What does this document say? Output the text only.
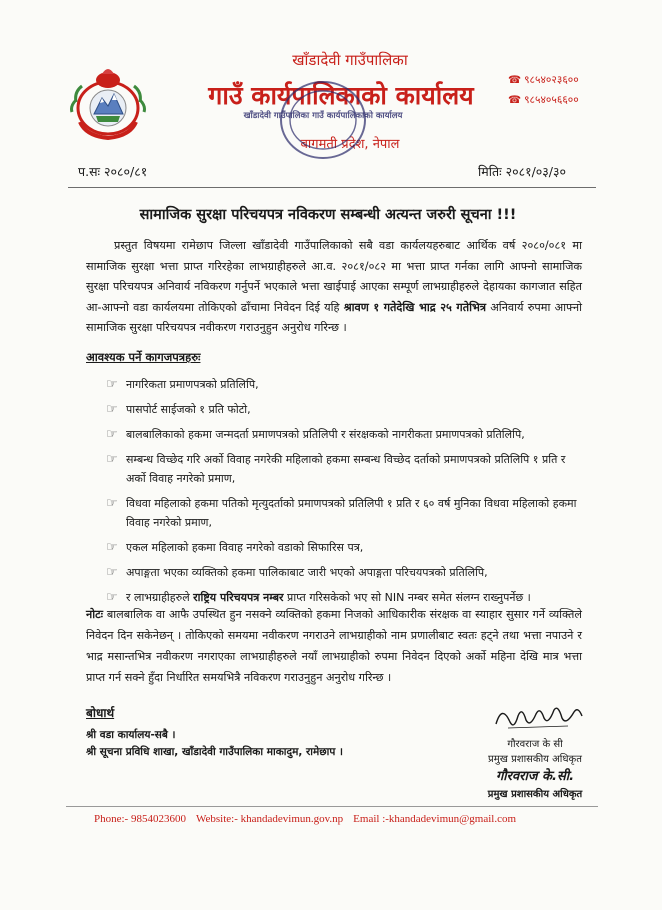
खाँडादेवी गाउँपालिका
गाउँ कार्यपालिकाको कार्यालय
बागमती प्रदेश, नेपाल
खाँडादेवी गाउँपालिका गाउँ कार्यपालिकाको कार्यालय
☎ ९८५४०२३६००
☎ ९८५४०५६६००
प.सः २०८०/८१	मितिः २०८१/०३/३०
सामाजिक सुरक्षा परिचयपत्र नविकरण सम्बन्धी अत्यन्त जरुरी सूचना !!!
प्रस्तुत विषयमा रामेछाप जिल्ला खाँडादेवी गाउँपालिकाको सबै वडा कार्यलयहरुबाट आर्थिक वर्ष २०८०/०८१ मा सामाजिक सुरक्षा भत्ता प्राप्त गरिरहेका लाभग्राहीहरुले आ.व. २०८१/०८२ मा भत्ता प्राप्त गर्नका लागि आफ्नो सामाजिक सुरक्षा परिचयपत्र अनिवार्य नविकरण गर्नुपर्ने भएकाले भत्ता खाईपाई आएका सम्पूर्ण लाभग्राहीहरुले देहायका कागजात सहित आ-आफ्नो वडा कार्यलयमा तोकिएको ढाँचामा निवेदन दिई यहि श्रावण १ गतेदेखि भाद्र २५ गतेभित्र अनिवार्य रुपमा आफ्नो सामाजिक सुरक्षा परिचयपत्र नवीकरण गराउनुहुन अनुरोध गरिन्छ ।
आवश्यक पर्ने कागजपत्रहरुः
☞ नागरिकता प्रमाणपत्रको प्रतिलिपि,
☞ पासपोर्ट साईजको १ प्रति फोटो,
☞ बालबालिकाको हकमा जन्मदर्ता प्रमाणपत्रको प्रतिलिपी र संरक्षकको नागरीकता प्रमाणपत्रको प्रतिलिपि,
☞ सम्बन्ध विच्छेद गरि अर्को विवाह नगरेकी महिलाको हकमा सम्बन्ध विच्छेद दर्ताको प्रमाणपत्रको प्रतिलिपि १ प्रति र अर्को विवाह नगरेको प्रमाण,
☞ विधवा महिलाको हकमा पतिको मृत्युदर्ताको प्रमाणपत्रको प्रतिलिपी १ प्रति र ६० वर्ष मुनिका विधवा महिलाको हकमा विवाह नगरेको प्रमाण,
☞ एकल महिलाको हकमा विवाह नगरेको वडाको सिफारिस पत्र,
☞ अपाङ्गता भएका व्यक्तिको हकमा पालिकाबाट जारी भएको अपाङ्गता परिचयपत्रको प्रतिलिपि,
☞ र लाभग्राहीहरुले राष्ट्रिय परिचयपत्र नम्बर प्राप्त गरिसकेको भए सो NIN नम्बर समेत संलग्न राख्नुपर्नेछ ।
नोटः बालबालिक वा आफै उपस्थित हुन नसक्ने व्यक्तिको हकमा निजको आधिकारीक संरक्षक वा स्याहार सुसार गर्ने व्यक्तिले निवेदन दिन सकेनेछन् । तोकिएको समयमा नवीकरण नगराउने लाभग्राहीको नाम प्रणालीबाट स्वतः हट्ने तथा भत्ता नपाउने र भाद्र मसान्तभित्र नवीकरण नगराएका लाभग्राहीहरुले नयाँ लाभग्राहीको रुपमा निवेदन दिएको अर्को महिना देखि मात्र भत्ता प्राप्त गर्न सक्ने हुँदा निर्धारित समयभित्रै नविकरण गराउनुहुन अनुरोध गरिन्छ ।
बोधार्थ
श्री वडा कार्यालय-सबै ।
श्री सूचना प्रविधि शाखा, खाँडादेवी गाउँपालिका माकादुम, रामेछाप ।
गौरवराज के सी
प्रमुख प्रशासकीय अधिकृत
गौरवराज के.सी.
प्रमुख प्रशासकीय अधिकृत
Phone:- 9854023600 Website:- khandadevimun.gov.np Email :-khandadevimun@gmail.com
